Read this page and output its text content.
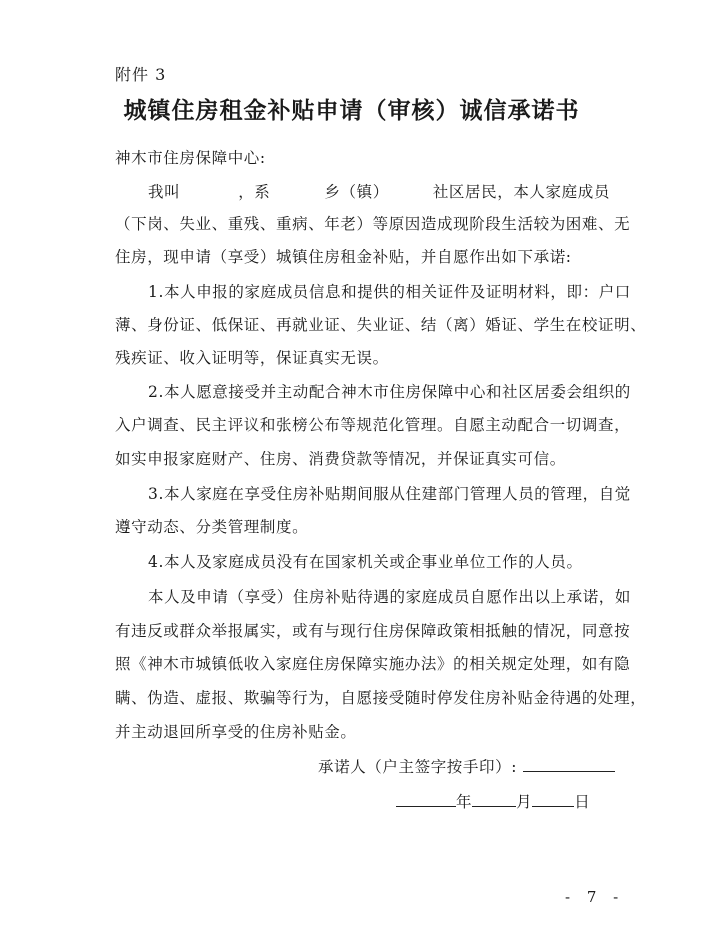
附件 3
城镇住房租金补贴申请（审核）诚信承诺书
神木市住房保障中心:
我叫	，系	乡（镇）	社区居民，本人家庭成员
（下岗、失业、重残、重病、年老）等原因造成现阶段生活较为困难、无
住房，现申请（享受）城镇住房租金补贴，并自愿作出如下承诺:
1.本人申报的家庭成员信息和提供的相关证件及证明材料，即：户口
薄、身份证、低保证、再就业证、失业证、结（离）婚证、学生在校证明、
残疾证、收入证明等，保证真实无误。
2.本人愿意接受并主动配合神木市住房保障中心和社区居委会组织的
入户调查、民主评议和张榜公布等规范化管理。自愿主动配合一切调查，
如实申报家庭财产、住房、消费贷款等情况，并保证真实可信。
3.本人家庭在享受住房补贴期间服从住建部门管理人员的管理，自觉
遵守动态、分类管理制度。
4.本人及家庭成员没有在国家机关或企事业单位工作的人员。
本人及申请（享受）住房补贴待遇的家庭成员自愿作出以上承诺，如
有违反或群众举报属实，或有与现行住房保障政策相抵触的情况，同意按
照《神木市城镇低收入家庭住房保障实施办法》的相关规定处理，如有隐
瞒、伪造、虚报、欺骗等行为，自愿接受随时停发住房补贴金待遇的处理，
并主动退回所享受的住房补贴金。
承诺人（户主签字按手印）:
年	月	日
- 7 -
